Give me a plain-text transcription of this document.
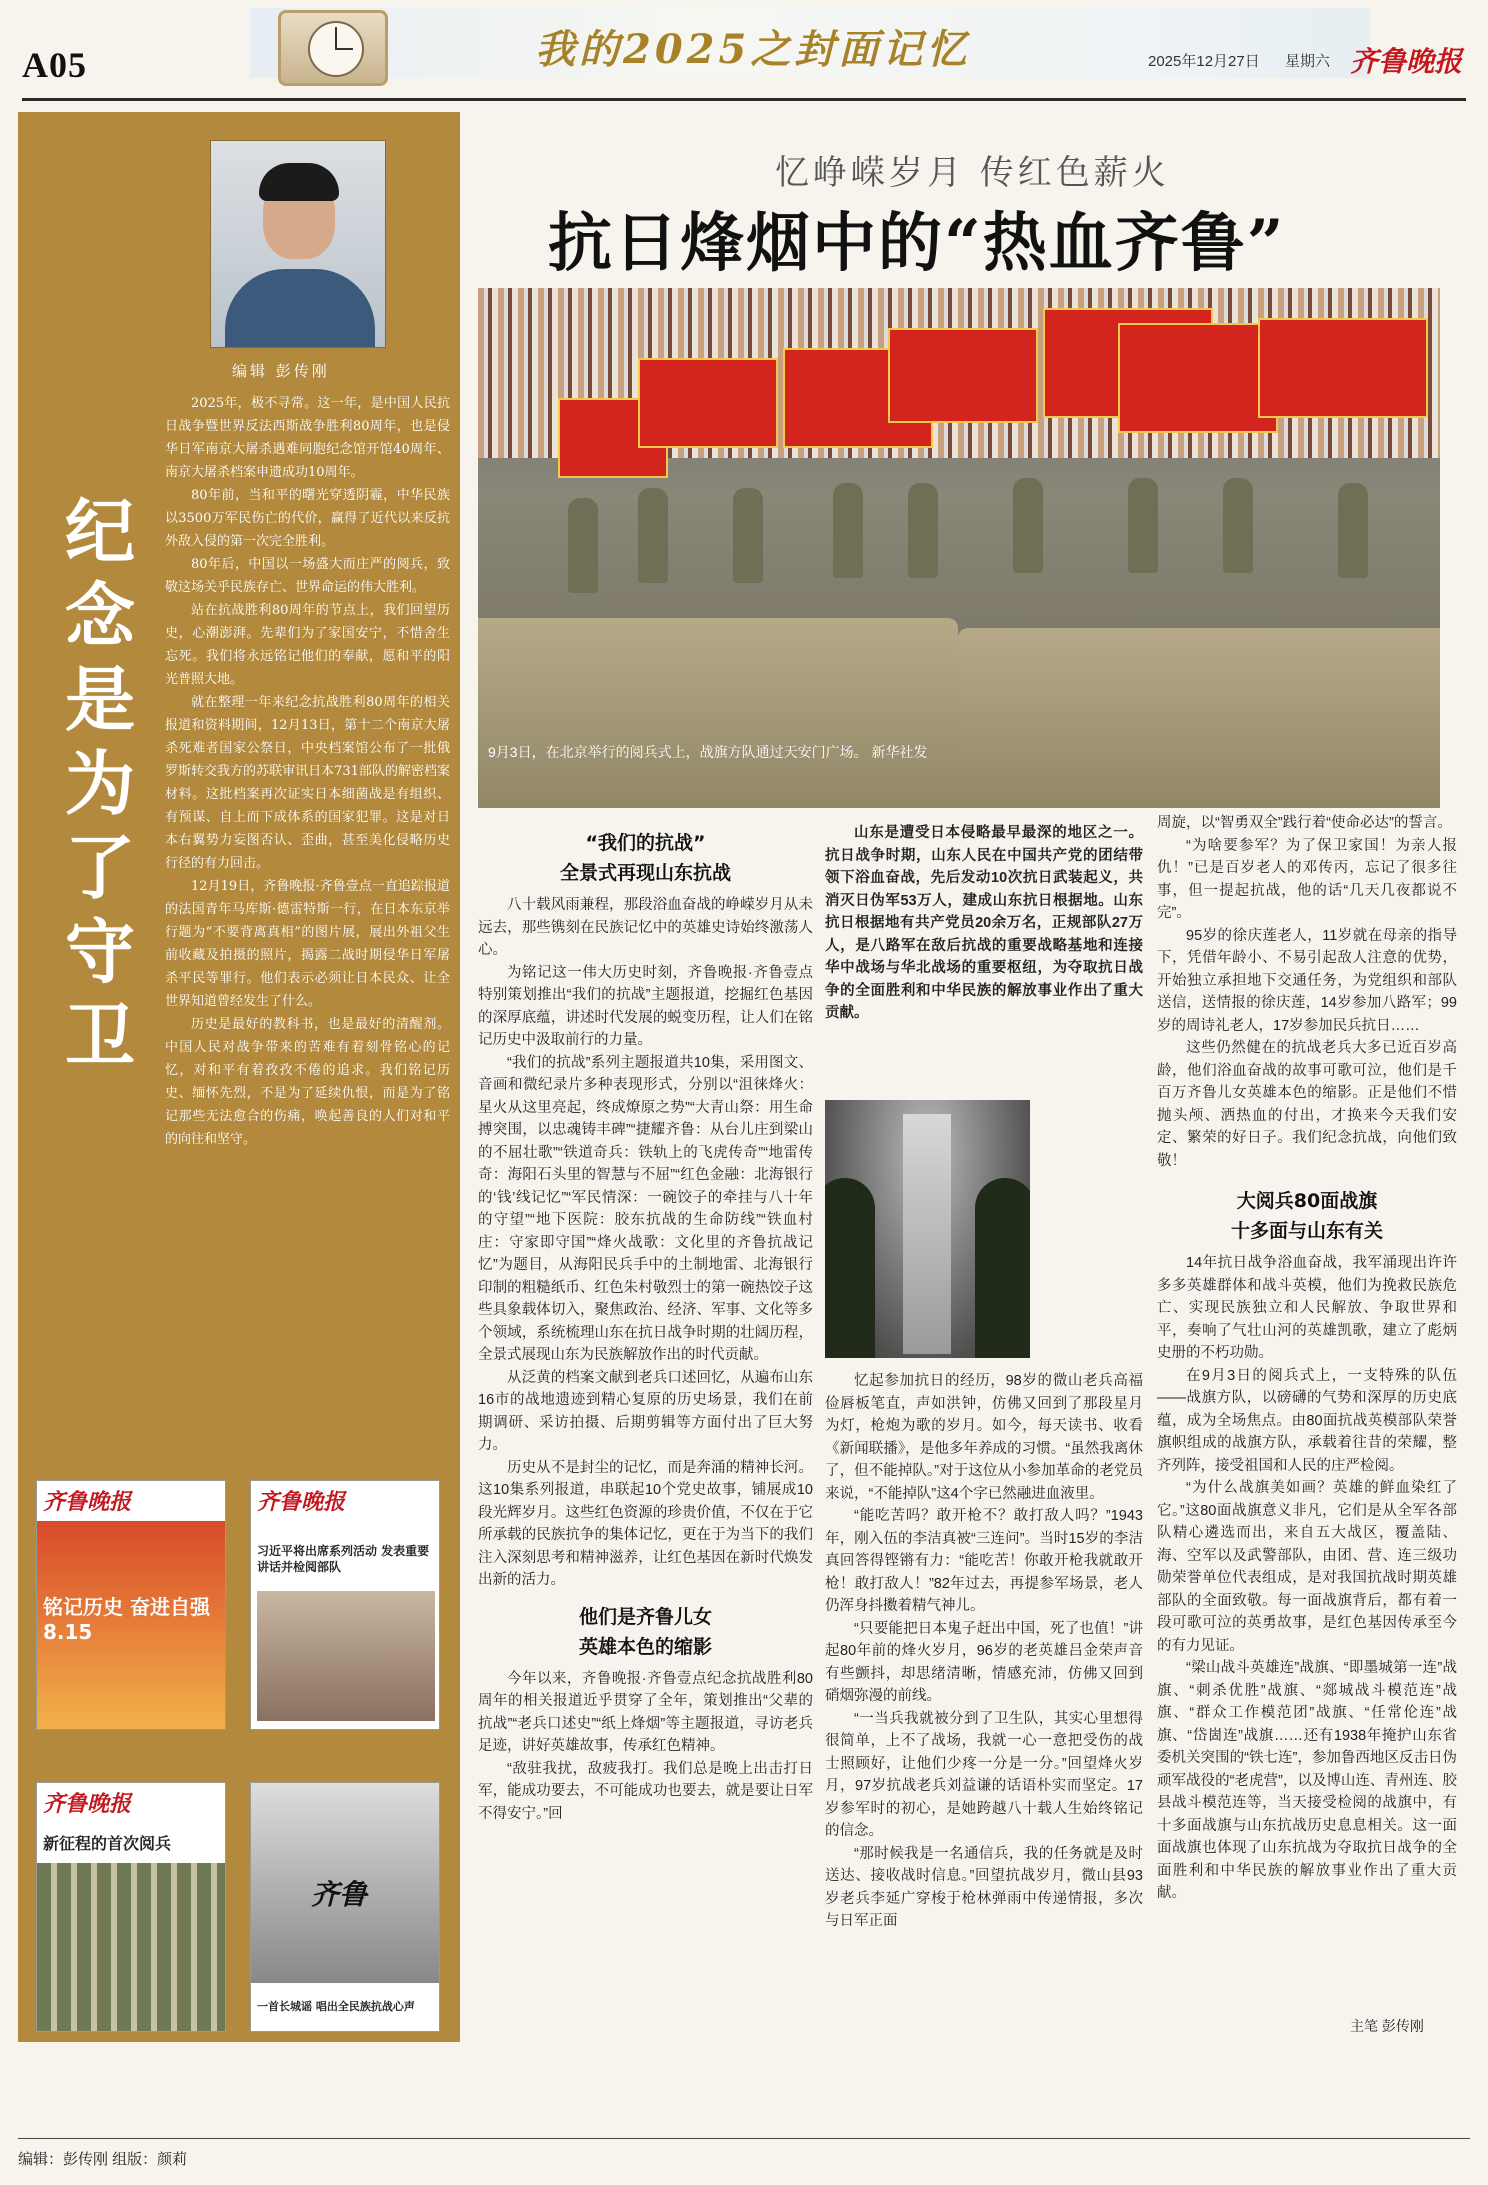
A05	我的2025之封面记忆	2025年12月27日 星期六 齐鲁晚报
编辑 彭传刚
纪念是为了守卫

2025年，极不寻常。这一年，是中国人民抗日战争暨世界反法西斯战争胜利80周年，也是侵华日军南京大屠杀遇难同胞纪念馆开馆40周年、南京大屠杀档案申遗成功10周年。

80年前，当和平的曙光穿透阴霾，中华民族以3500万军民伤亡的代价，赢得了近代以来反抗外敌入侵的第一次完全胜利。

80年后，中国以一场盛大而庄严的阅兵，致敬这场关乎民族存亡、世界命运的伟大胜利。

站在抗战胜利80周年的节点上，我们回望历史，心潮澎湃。先辈们为了家国安宁，不惜舍生忘死。我们将永远铭记他们的奉献，愿和平的阳光普照大地。

就在整理一年来纪念抗战胜利80周年的相关报道和资料期间，12月13日，第十二个南京大屠杀死难者国家公祭日，中央档案馆公布了一批俄罗斯转交我方的苏联审讯日本731部队的解密档案材料。这批档案再次证实日本细菌战是有组织、有预谋、自上而下成体系的国家犯罪。这是对日本右翼势力妄图否认、歪曲，甚至美化侵略历史行径的有力回击。

12月19日，齐鲁晚报·齐鲁壹点一直追踪报道的法国青年马库斯·德雷特斯一行，在日本东京举行题为“不要背离真相”的图片展，展出外祖父生前收藏及拍摄的照片，揭露二战时期侵华日军屠杀平民等罪行。他们表示必须让日本民众、让全世界知道曾经发生了什么。

历史是最好的教科书，也是最好的清醒剂。中国人民对战争带来的苦难有着刻骨铭心的记忆，对和平有着孜孜不倦的追求。我们铭记历史、缅怀先烈，不是为了延续仇恨，而是为了铭记那些无法愈合的伤痛，唤起善良的人们对和平的向往和坚守。

齐鲁晚报
铭记历史 奋进自强 8.15
齐鲁晚报
习近平将出席系列活动 发表重要讲话并检阅部队
齐鲁晚报
新征程的首次阅兵
齐鲁
一首长城谣 唱出全民族抗战心声
忆峥嵘岁月 传红色薪火
抗日烽烟中的“热血齐鲁”
9月3日，在北京举行的阅兵式上，战旗方队通过天安门广场。 新华社发
“我们的抗战”
全景式再现山东抗战

八十载风雨兼程，那段浴血奋战的峥嵘岁月从未远去，那些镌刻在民族记忆中的英雄史诗始终激荡人心。

为铭记这一伟大历史时刻，齐鲁晚报·齐鲁壹点特别策划推出“我们的抗战”主题报道，挖掘红色基因的深厚底蕴，讲述时代发展的蜕变历程，让人们在铭记历史中汲取前行的力量。

“我们的抗战”系列主题报道共10集，采用图文、音画和微纪录片多种表现形式，分别以“沮徕烽火：星火从这里亮起，终成燎原之势”“大青山祭：用生命搏突围，以忠魂铸丰碑”“捷耀齐鲁：从台儿庄到梁山的不屈壮歌”“铁道奇兵：铁轨上的飞虎传奇”“地雷传奇：海阳石头里的智慧与不屈”“红色金融：北海银行的‘钱’线记忆”“军民情深：一碗饺子的牵挂与八十年的守望”“地下医院：胶东抗战的生命防线”“铁血村庄：守家即守国”“烽火战歌：文化里的齐鲁抗战记忆”为题目，从海阳民兵手中的土制地雷、北海银行印制的粗糙纸币、红色朱村敬烈士的第一碗热饺子这些具象载体切入，聚焦政治、经济、军事、文化等多个领域，系统梳理山东在抗日战争时期的壮阔历程，全景式展现山东为民族解放作出的时代贡献。

从泛黄的档案文献到老兵口述回忆，从遍布山东16市的战地遗迹到精心复原的历史场景，我们在前期调研、采访拍摄、后期剪辑等方面付出了巨大努力。

历史从不是封尘的记忆，而是奔涌的精神长河。这10集系列报道，串联起10个党史故事，铺展成10段光辉岁月。这些红色资源的珍贵价值，不仅在于它所承载的民族抗争的集体记忆，更在于为当下的我们注入深刻思考和精神滋养，让红色基因在新时代焕发出新的活力。

他们是齐鲁儿女
英雄本色的缩影

今年以来，齐鲁晚报·齐鲁壹点纪念抗战胜利80周年的相关报道近乎贯穿了全年，策划推出“父辈的抗战”“老兵口述史”“纸上烽烟”等主题报道，寻访老兵足迹，讲好英雄故事，传承红色精神。

“敌驻我扰，敌疲我打。我们总是晚上出击打日军，能成功要去，不可能成功也要去，就是要让日军不得安宁。”回

山东是遭受日本侵略最早最深的地区之一。抗日战争时期，山东人民在中国共产党的团结带领下浴血奋战，先后发动10次抗日武装起义，共消灭日伪军53万人，建成山东抗日根据地。山东抗日根据地有共产党员20余万名，正规部队27万人，是八路军在敌后抗战的重要战略基地和连接华中战场与华北战场的重要枢纽，为夺取抗日战争的全面胜利和中华民族的解放事业作出了重大贡献。

忆起参加抗日的经历，98岁的微山老兵高福俭唇板笔直，声如洪钟，仿佛又回到了那段星月为灯，枪炮为歌的岁月。如今，每天读书、收看《新闻联播》，是他多年养成的习惯。“虽然我离休了，但不能掉队。”对于这位从小参加革命的老党员来说，“不能掉队”这4个字已然融进血液里。

“能吃苦吗？敢开枪不？敢打敌人吗？”1943年，刚入伍的李洁真被“三连问”。当时15岁的李洁真回答得铿锵有力：“能吃苦！你敢开枪我就敢开枪！敢打敌人！”82年过去，再提参军场景，老人仍浑身抖擞着精气神儿。

“只要能把日本鬼子赶出中国，死了也值！”讲起80年前的烽火岁月，96岁的老英雄吕金荣声音有些颤抖，却思绪清晰，情感充沛，仿佛又回到硝烟弥漫的前线。

“一当兵我就被分到了卫生队，其实心里想得很简单，上不了战场，我就一心一意把受伤的战士照顾好，让他们少疼一分是一分。”回望烽火岁月，97岁抗战老兵刘益谦的话语朴实而坚定。17岁参军时的初心，是她跨越八十载人生始终铭记的信念。

“那时候我是一名通信兵，我的任务就是及时送达、接收战时信息。”回望抗战岁月，微山县93岁老兵李延广穿梭于枪林弹雨中传递情报，多次与日军正面

周旋，以“智勇双全”践行着“使命必达”的誓言。

“为啥要参军？为了保卫家国！为亲人报仇！”已是百岁老人的邓传丙，忘记了很多往事，但一提起抗战，他的话“几天几夜都说不完”。

95岁的徐庆莲老人，11岁就在母亲的指导下，凭借年龄小、不易引起敌人注意的优势，开始独立承担地下交通任务，为党组织和部队送信，送情报的徐庆莲，14岁参加八路军；99岁的周诗礼老人，17岁参加民兵抗日……

这些仍然健在的抗战老兵大多已近百岁高龄，他们浴血奋战的故事可歌可泣，他们是千百万齐鲁儿女英雄本色的缩影。正是他们不惜抛头颅、洒热血的付出，才换来今天我们安定、繁荣的好日子。我们纪念抗战，向他们致敬！

大阅兵80面战旗
十多面与山东有关

14年抗日战争浴血奋战，我军涌现出许许多多英雄群体和战斗英模，他们为挽救民族危亡、实现民族独立和人民解放、争取世界和平，奏响了气壮山河的英雄凯歌，建立了彪炳史册的不朽功勋。

在9月3日的阅兵式上，一支特殊的队伍——战旗方队，以磅礴的气势和深厚的历史底蕴，成为全场焦点。由80面抗战英模部队荣誉旗帜组成的战旗方队，承载着往昔的荣耀，整齐列阵，接受祖国和人民的庄严检阅。

“为什么战旗美如画？英雄的鲜血染红了它。”这80面战旗意义非凡，它们是从全军各部队精心遴选而出，来自五大战区，覆盖陆、海、空军以及武警部队，由团、营、连三级功勋荣誉单位代表组成，是对我国抗战时期英雄部队的全面致敬。每一面战旗背后，都有着一段可歌可泣的英勇故事，是红色基因传承至今的有力见证。

“梁山战斗英雄连”战旗、“即墨城第一连”战旗、“刺杀优胜”战旗、“郯城战斗模范连”战旗、“群众工作模范团”战旗、“任常伦连”战旗、“岱崮连”战旗……还有1938年掩护山东省委机关突围的“铁七连”，参加鲁西地区反击日伪顽军战役的“老虎营”，以及博山连、青州连、胶县战斗模范连等，当天接受检阅的战旗中，有十多面战旗与山东抗战历史息息相关。这一面面战旗也体现了山东抗战为夺取抗日战争的全面胜利和中华民族的解放事业作出了重大贡献。

主笔 彭传刚
编辑：彭传刚 组版：颜莉
